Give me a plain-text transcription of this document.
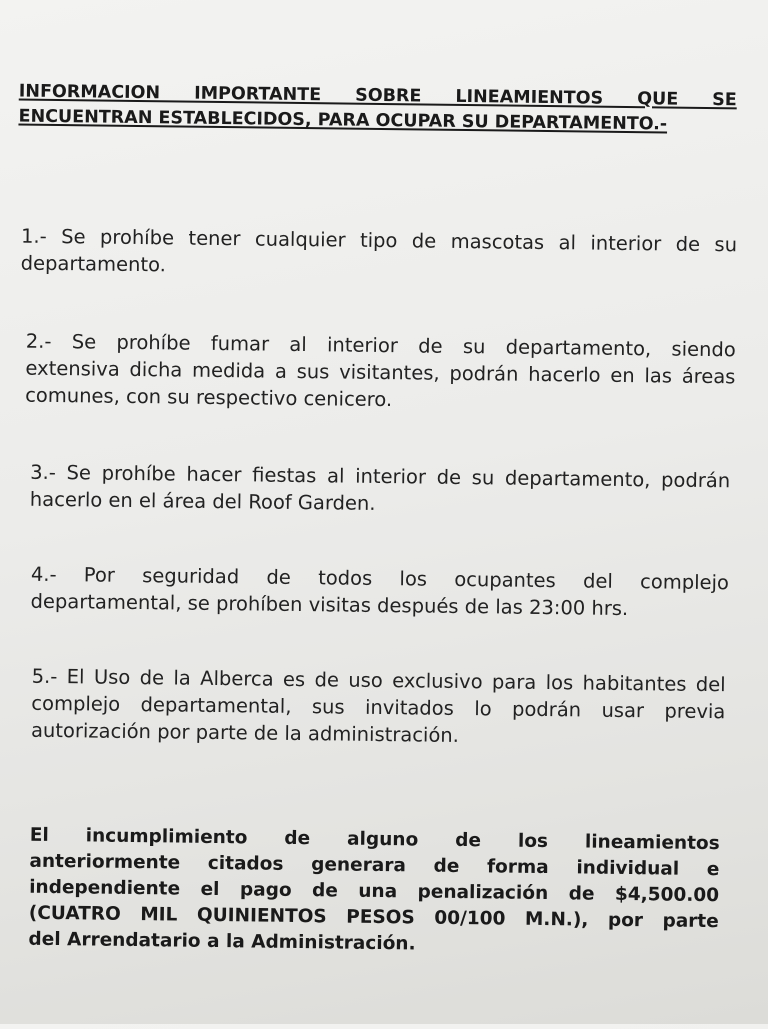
INFORMACION IMPORTANTE SOBRE LINEAMIENTOS QUE SE
ENCUENTRAN ESTABLECIDOS, PARA OCUPAR SU DEPARTAMENTO.-
1.- Se prohíbe tener cualquier tipo de mascotas al interior de su
departamento.
2.- Se prohíbe fumar al interior de su departamento, siendo
extensiva dicha medida a sus visitantes, podrán hacerlo en las áreas
comunes, con su respectivo cenicero.
3.- Se prohíbe hacer fiestas al interior de su departamento, podrán
hacerlo en el área del Roof Garden.
4.- Por seguridad de todos los ocupantes del complejo
departamental, se prohíben visitas después de las 23:00 hrs.
5.- El Uso de la Alberca es de uso exclusivo para los habitantes del
complejo departamental, sus invitados lo podrán usar previa
autorización por parte de la administración.
El incumplimiento de alguno de los lineamientos
anteriormente citados generara de forma individual e
independiente el pago de una penalización de $4,500.00
(CUATRO MIL QUINIENTOS PESOS 00/100 M.N.), por parte
del Arrendatario a la Administración.
